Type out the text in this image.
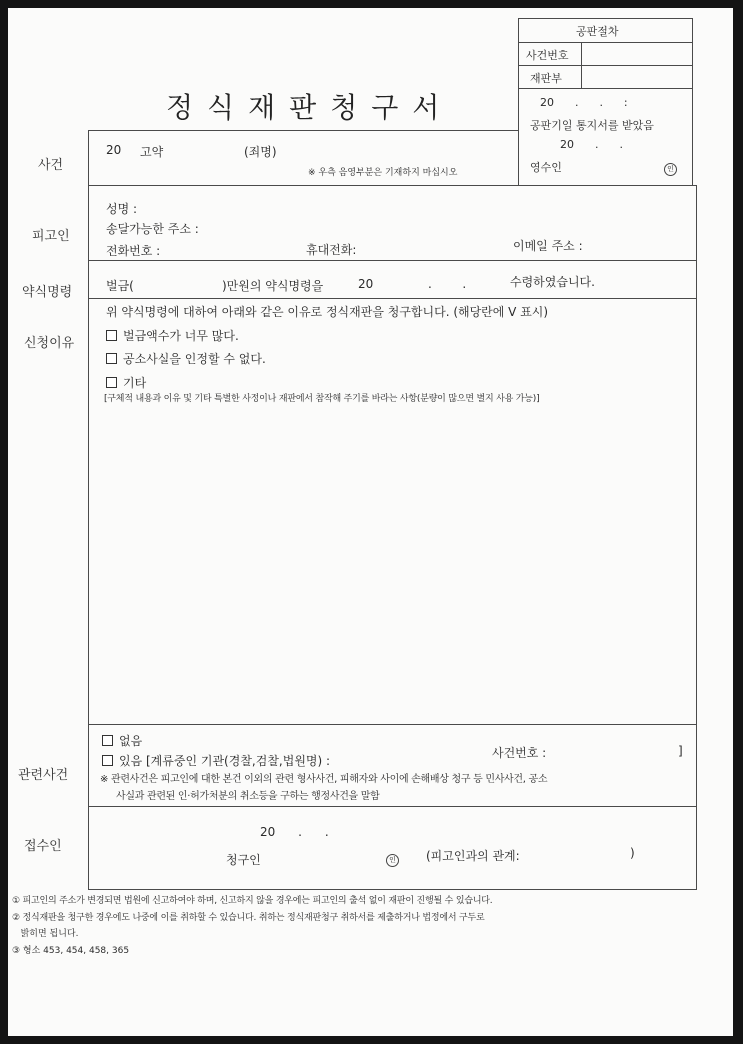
공판절차
사건번호
재판부
20      .      .      :
공판기일 통지서를 받았음
20      .      .
영수인	인
정식재판청구서
사건
20 고약	(죄명)
※ 우측 음영부분은 기재하지 마십시오
피고인
성명 :
송달가능한 주소 :
전화번호 :	휴대전화:	이메일 주소 :
약식명령	벌금(	)만원의 약식명령을	20	.        .	수령하였습니다.
신청이유
위 약식명령에 대하여 아래와 같은 이유로 정식재판을 청구합니다. (해당란에 V 표시)
벌금액수가 너무 많다.
공소사실을 인정할 수 없다.
기타
[구체적 내용과 이유 및 기타 특별한 사정이나 재판에서 참작해 주기를 바라는 사항(분량이 많으면 별지 사용 가능)]
관련사건
없음
있음 [계류중인 기관(경찰,검찰,법원명) :
사건번호 :	]
※ 관련사건은 피고인에 대한 본건 이외의 관련 형사사건, 피해자와 사이에 손해배상 청구 등 민사사건, 공소
사실과 관련된 인·허가처분의 취소등을 구하는 행정사건을 말함
접수인
20      .      .
청구인	인	(피고인과의 관계:	)
① 피고인의 주소가 변경되면 법원에 신고하여야 하며, 신고하지 않을 경우에는 피고인의 출석 없이 재판이 진행될 수 있습니다.
② 정식재판을 청구한 경우에도 나중에 이를 취하할 수 있습니다. 취하는 정식재판청구 취하서를 제출하거나 법정에서 구두로
밝히면 됩니다.
③ 형소 453, 454, 458, 365
